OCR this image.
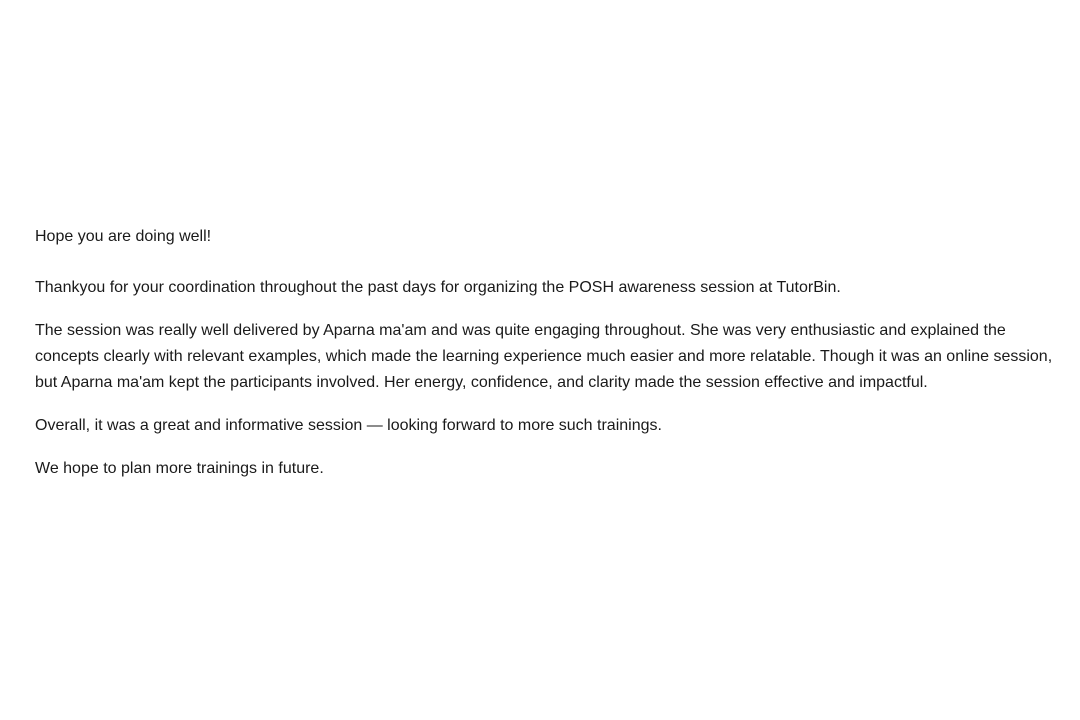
Hope you are doing well!

Thankyou for your coordination throughout the past days for organizing the POSH awareness session at TutorBin.

The session was really well delivered by Aparna ma'am and was quite engaging throughout. She was very enthusiastic and explained the concepts clearly with relevant examples, which made the learning experience much easier and more relatable. Though it was an online session, but Aparna ma'am kept the participants involved. Her energy, confidence, and clarity made the session effective and impactful.

Overall, it was a great and informative session — looking forward to more such trainings.

We hope to plan more trainings in future.
